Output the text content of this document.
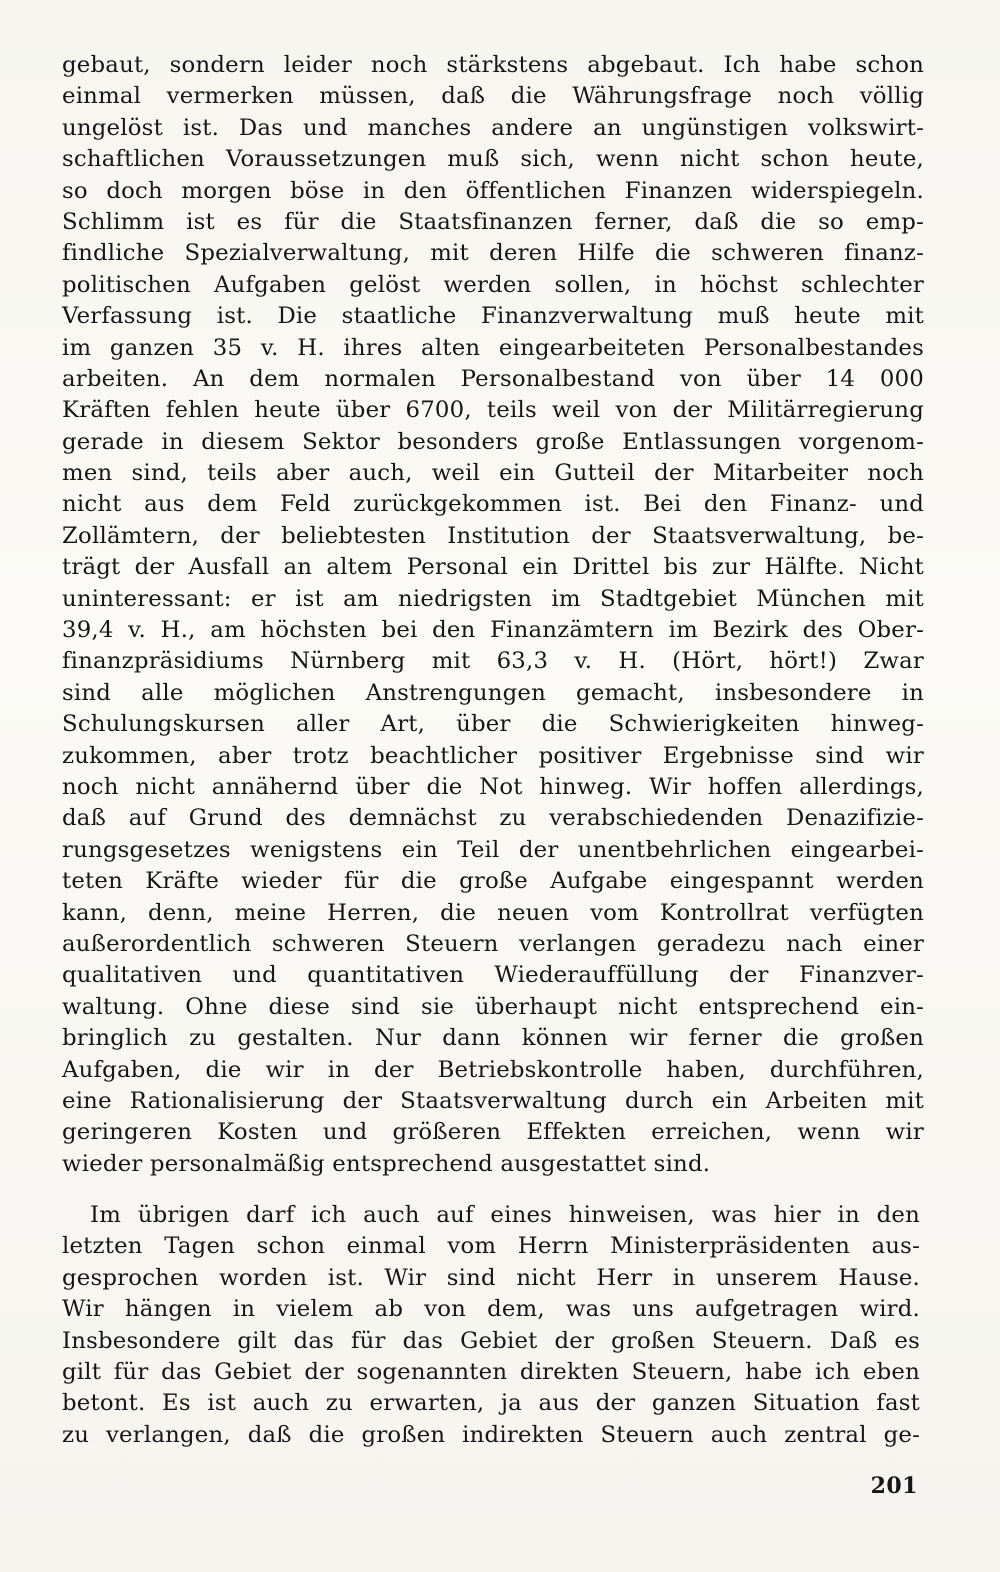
gebaut, sondern leider noch stärkstens abgebaut. Ich habe schon
einmal vermerken müssen, daß die Währungsfrage noch völlig
ungelöst ist. Das und manches andere an ungünstigen volkswirt-
schaftlichen Voraussetzungen muß sich, wenn nicht schon heute,
so doch morgen böse in den öffentlichen Finanzen widerspiegeln.
Schlimm ist es für die Staatsfinanzen ferner, daß die so emp-
findliche Spezialverwaltung, mit deren Hilfe die schweren finanz-
politischen Aufgaben gelöst werden sollen, in höchst schlechter
Verfassung ist. Die staatliche Finanzverwaltung muß heute mit
im ganzen 35 v. H. ihres alten eingearbeiteten Personalbestandes
arbeiten. An dem normalen Personalbestand von über 14 000
Kräften fehlen heute über 6700, teils weil von der Militärregierung
gerade in diesem Sektor besonders große Entlassungen vorgenom-
men sind, teils aber auch, weil ein Gutteil der Mitarbeiter noch
nicht aus dem Feld zurückgekommen ist. Bei den Finanz- und
Zollämtern, der beliebtesten Institution der Staatsverwaltung, be-
trägt der Ausfall an altem Personal ein Drittel bis zur Hälfte. Nicht
uninteressant: er ist am niedrigsten im Stadtgebiet München mit
39,4 v. H., am höchsten bei den Finanzämtern im Bezirk des Ober-
finanzpräsidiums Nürnberg mit 63,3 v. H. (Hört, hört!) Zwar
sind alle möglichen Anstrengungen gemacht, insbesondere in
Schulungskursen aller Art, über die Schwierigkeiten hinweg-
zukommen, aber trotz beachtlicher positiver Ergebnisse sind wir
noch nicht annähernd über die Not hinweg. Wir hoffen allerdings,
daß auf Grund des demnächst zu verabschiedenden Denazifizie-
rungsgesetzes wenigstens ein Teil der unentbehrlichen eingearbei-
teten Kräfte wieder für die große Aufgabe eingespannt werden
kann, denn, meine Herren, die neuen vom Kontrollrat verfügten
außerordentlich schweren Steuern verlangen geradezu nach einer
qualitativen und quantitativen Wiederauffüllung der Finanzver-
waltung. Ohne diese sind sie überhaupt nicht entsprechend ein-
bringlich zu gestalten. Nur dann können wir ferner die großen
Aufgaben, die wir in der Betriebskontrolle haben, durchführen,
eine Rationalisierung der Staatsverwaltung durch ein Arbeiten mit
geringeren Kosten und größeren Effekten erreichen, wenn wir
wieder personalmäßig entsprechend ausgestattet sind.
Im übrigen darf ich auch auf eines hinweisen, was hier in den
letzten Tagen schon einmal vom Herrn Ministerpräsidenten aus-
gesprochen worden ist. Wir sind nicht Herr in unserem Hause.
Wir hängen in vielem ab von dem, was uns aufgetragen wird.
Insbesondere gilt das für das Gebiet der großen Steuern. Daß es
gilt für das Gebiet der sogenannten direkten Steuern, habe ich eben
betont. Es ist auch zu erwarten, ja aus der ganzen Situation fast
zu verlangen, daß die großen indirekten Steuern auch zentral ge-
201
